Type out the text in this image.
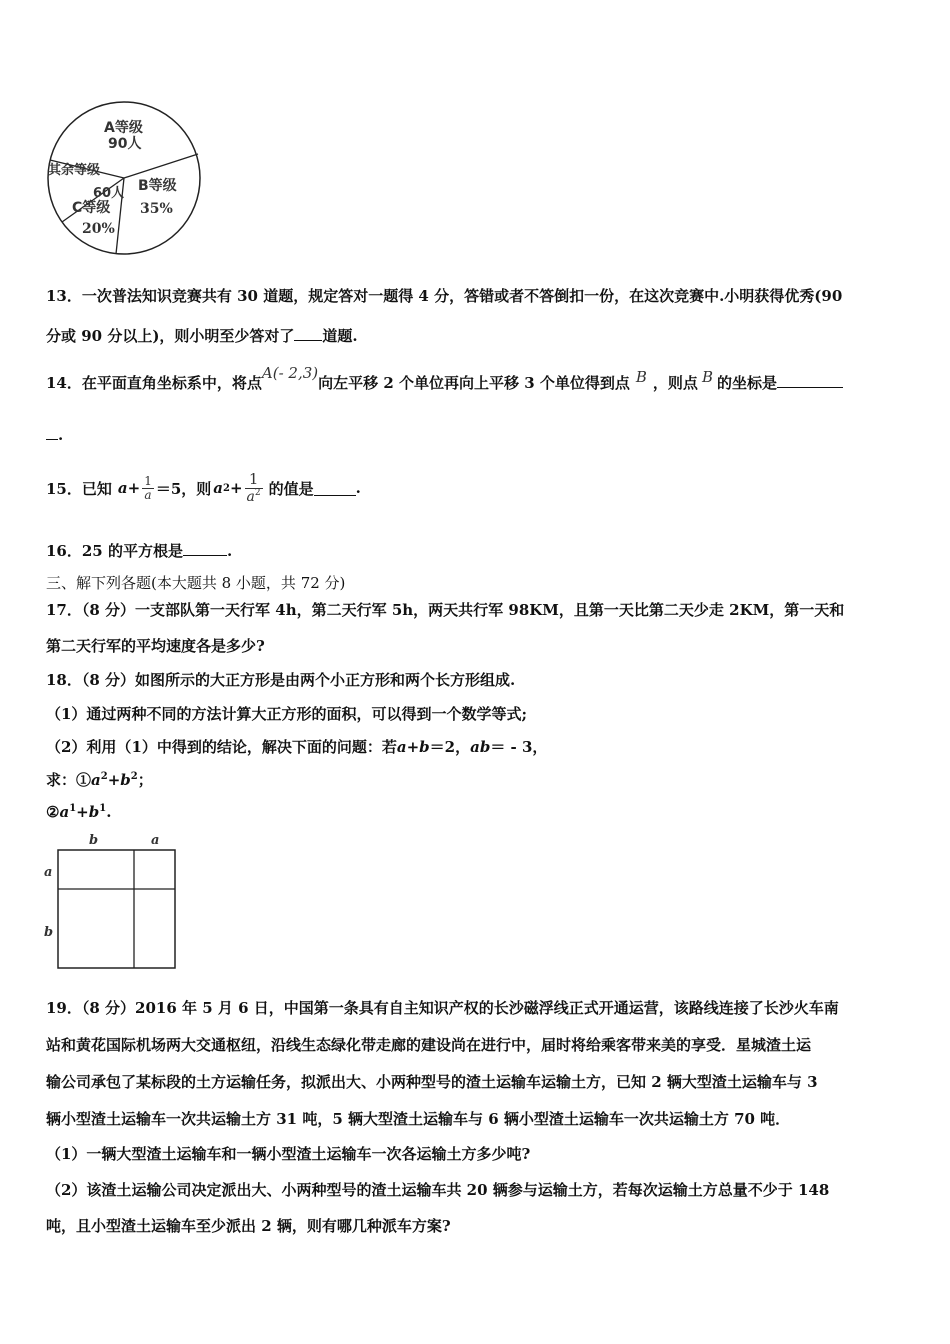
A等级
90人
其余等级
60人 B等级
35%
C等级
20%
13．一次普法知识竞赛共有 30 道题，规定答对一题得 4 分，答错或者不答倒扣一份，在这次竞赛中.小明获得优秀(90
分或 90 分以上)，则小明至少答对了 道题.
14．在平面直角坐标系中，将点A(- 2,3)向左平移 2 个单位再向上平移 3 个单位得到点 B ，则点 B 的坐标是
.
15．已知 $a + \frac{1}{a} =5$，则 a $2 + \frac{1}{a^2}$ 的值是	.
16．25 的平方根是	.
三、解下列各题(本大题共 8 小题，共 72 分)
17．（8 分）一支部队第一天行军 4h，第二天行军 5h，两天共行军 98KM，且第一天比第二天少走 2KM，第一天和
第二天行军的平均速度各是多少?
18．（8 分）如图所示的大正方形是由两个小正方形和两个长方形组成.
（1）通过两种不同的方法计算大正方形的面积，可以得到一个数学等式;
（2）利用（1）中得到的结论，解决下面的问题：若a+b＝2，ab＝ - 3，
求：$①a^2+b^2$；
$②a^1+b^1$.
b	a
a
b
19．（8 分）2016 年 5 月 6 日，中国第一条具有自主知识产权的长沙磁浮线正式开通运营，该路线连接了长沙火车南
站和黄花国际机场两大交通枢纽，沿线生态绿化带走廊的建设尚在进行中，届时将给乘客带来美的享受．星城渣土运
输公司承包了某标段的土方运输任务，拟派出大、小两种型号的渣土运输车运输土方，已知 2 辆大型渣土运输车与 3
辆小型渣土运输车一次共运输土方 31 吨，5 辆大型渣土运输车与 6 辆小型渣土运输车一次共运输土方 70 吨．
（1）一辆大型渣土运输车和一辆小型渣土运输车一次各运输土方多少吨?
（2）该渣土运输公司决定派出大、小两种型号的渣土运输车共 20 辆参与运输土方，若每次运输土方总量不少于 148
吨，且小型渣土运输车至少派出 2 辆，则有哪几种派车方案?
